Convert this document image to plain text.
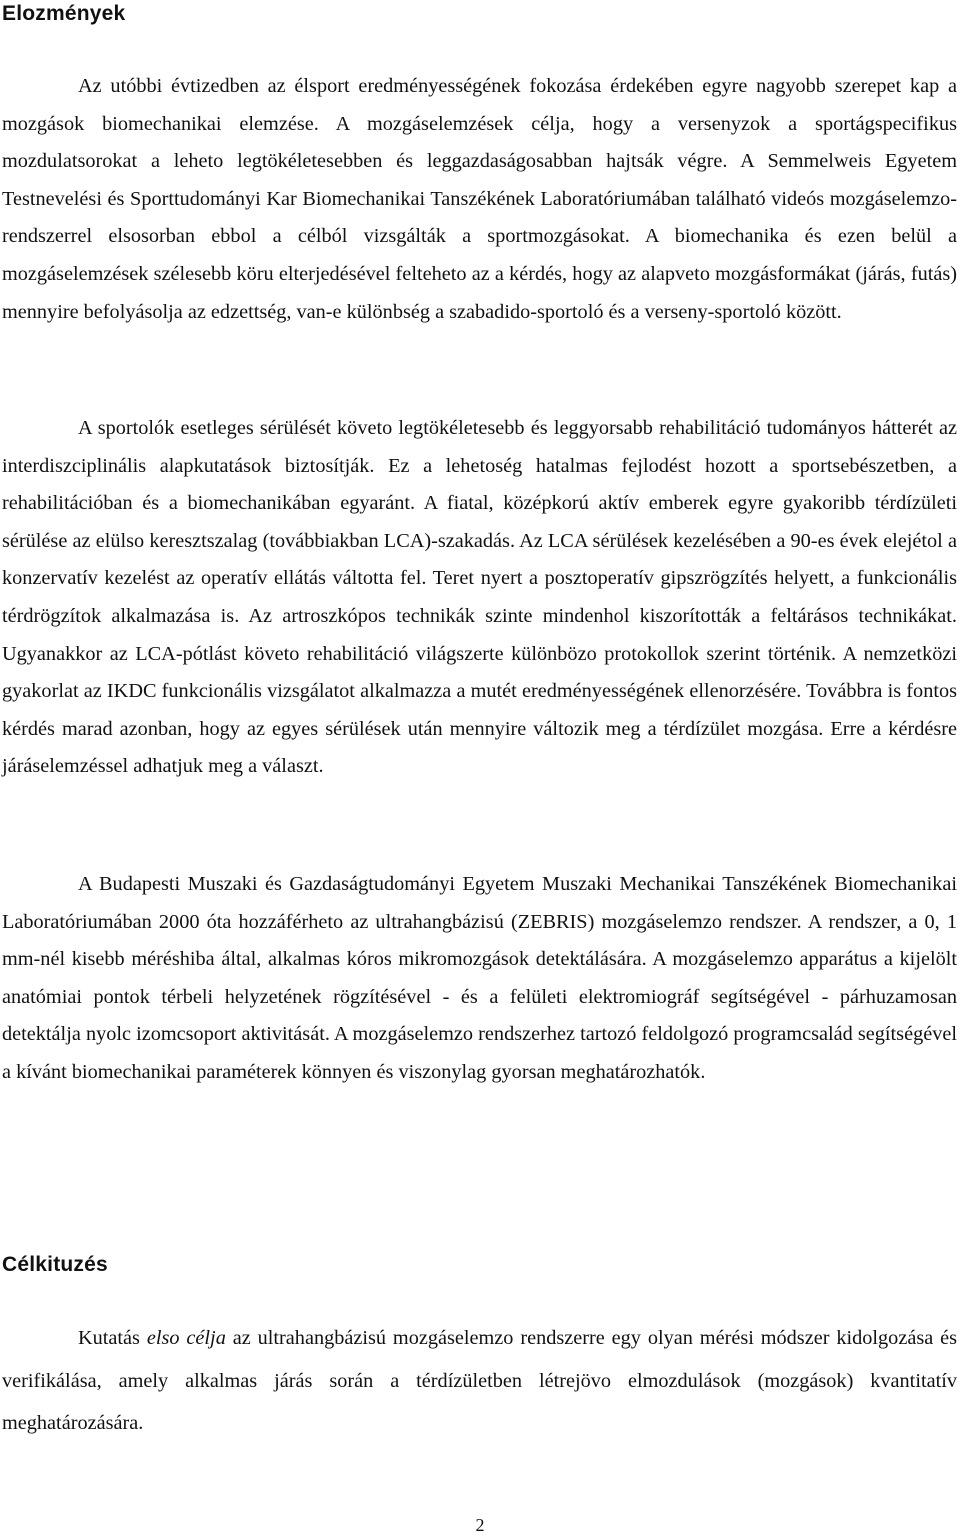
Elozmények

Az utóbbi évtizedben az élsport eredményességének fokozása érdekében egyre nagyobb szerepet kap a mozgások biomechanikai elemzése. A mozgáselemzések célja, hogy a versenyzok a sportágspecifikus mozdulatsorokat a leheto legtökéletesebben és leggazdaságosabban hajtsák végre. A Semmelweis Egyetem Testnevelési és Sporttudományi Kar Biomechanikai Tanszékének Laboratóriumában található videós mozgáselemzo-rendszerrel elsosorban ebbol a célból vizsgálták a sportmozgásokat. A biomechanika és ezen belül a mozgáselemzések szélesebb köru elterjedésével felteheto az a kérdés, hogy az alapveto mozgásformákat (járás, futás) mennyire befolyásolja az edzettség, van-e különbség a szabadido-sportoló és a verseny-sportoló között.

A sportolók esetleges sérülését követo legtökéletesebb és leggyorsabb rehabilitáció tudományos hátterét az interdiszciplinális alapkutatások biztosítják. Ez a lehetoség hatalmas fejlodést hozott a sportsebészetben, a rehabilitációban és a biomechanikában egyaránt. A fiatal, középkorú aktív emberek egyre gyakoribb térdízületi sérülése az elülso keresztszalag (továbbiakban LCA)-szakadás. Az LCA sérülések kezelésében a 90-es évek elejétol a konzervatív kezelést az operatív ellátás váltotta fel. Teret nyert a posztoperatív gipszrögzítés helyett, a funkcionális térdrögzítok alkalmazása is. Az artroszkópos technikák szinte mindenhol kiszorították a feltárásos technikákat. Ugyanakkor az LCA-pótlást követo rehabilitáció világszerte különbözo protokollok szerint történik. A nemzetközi gyakorlat az IKDC funkcionális vizsgálatot alkalmazza a mutét eredményességének ellenorzésére. Továbbra is fontos kérdés marad azonban, hogy az egyes sérülések után mennyire változik meg a térdízület mozgása. Erre a kérdésre járáselemzéssel adhatjuk meg a választ.

A Budapesti Muszaki és Gazdaságtudományi Egyetem Muszaki Mechanikai Tanszékének Biomechanikai Laboratóriumában 2000 óta hozzáférheto az ultrahangbázisú (ZEBRIS) mozgáselemzo rendszer. A rendszer, a 0, 1 mm-nél kisebb méréshiba által, alkalmas kóros mikromozgások detektálására. A mozgáselemzo apparátus a kijelölt anatómiai pontok térbeli helyzetének rögzítésével - és a felületi elektromiográf segítségével - párhuzamosan detektálja nyolc izomcsoport aktivitását. A mozgáselemzo rendszerhez tartozó feldolgozó programcsalád segítségével a kívánt biomechanikai paraméterek könnyen és viszonylag gyorsan meghatározhatók.

Célkituzés

Kutatás elso célja az ultrahangbázisú mozgáselemzo rendszerre egy olyan mérési módszer kidolgozása és verifikálása, amely alkalmas járás során a térdízületben létrejövo elmozdulások (mozgások) kvantitatív meghatározására.

2
